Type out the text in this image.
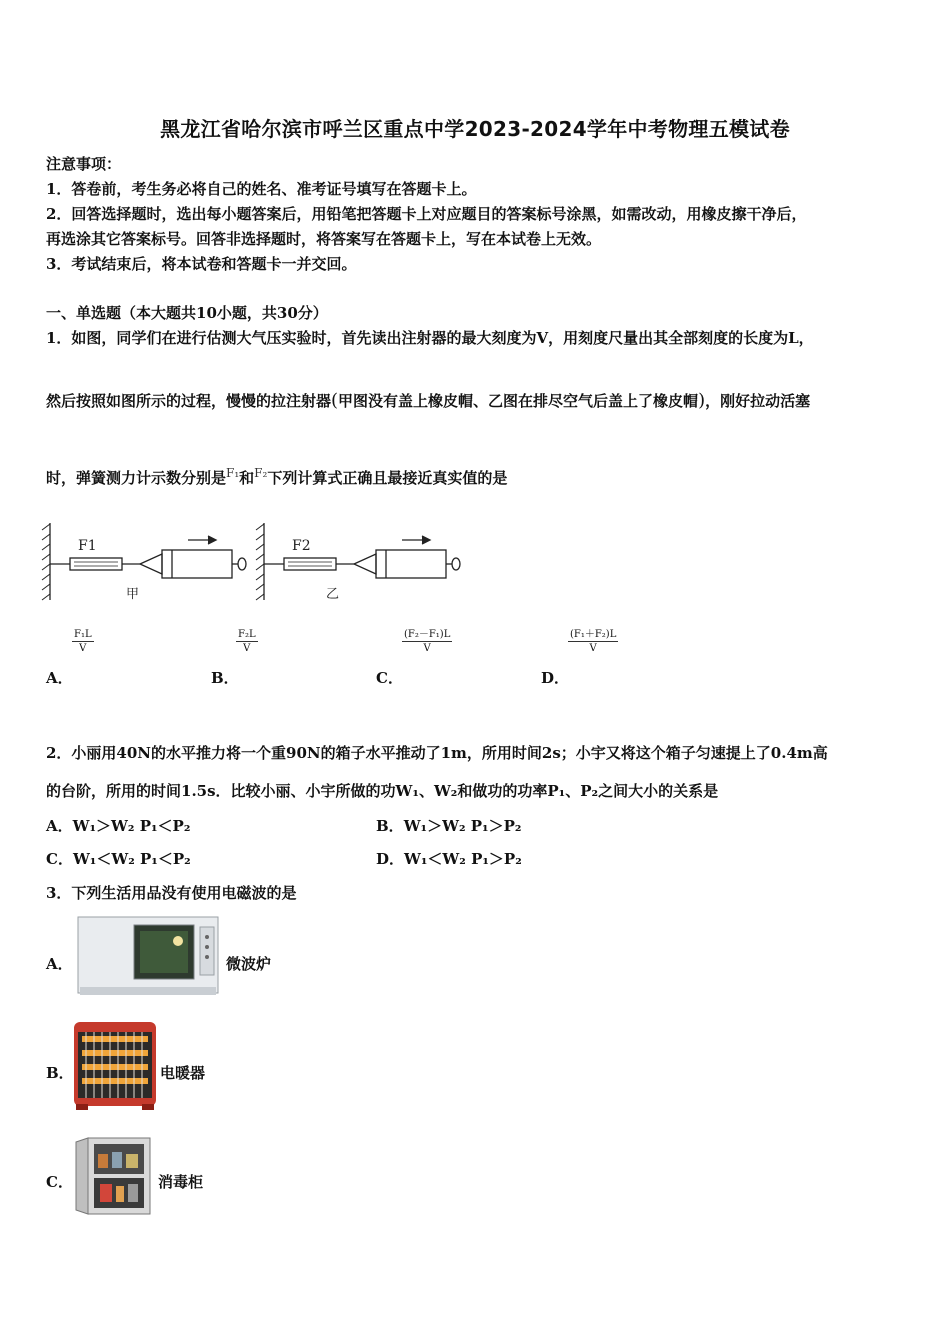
黑龙江省哈尔滨市呼兰区重点中学2023-2024学年中考物理五模试卷
注意事项：
1．答卷前，考生务必将自己的姓名、准考证号填写在答题卡上。
2．回答选择题时，选出每小题答案后，用铅笔把答题卡上对应题目的答案标号涂黑，如需改动，用橡皮擦干净后，
再选涂其它答案标号。回答非选择题时，将答案写在答题卡上，写在本试卷上无效。
3．考试结束后，将本试卷和答题卡一并交回。
一、单选题（本大题共10小题，共30分）
1．如图，同学们在进行估测大气压实验时，首先读出注射器的最大刻度为V，用刻度尺量出其全部刻度的长度为L，
然后按照如图所示的过程，慢慢的拉注射器(甲图没有盖上橡皮帽、乙图在排尽空气后盖上了橡皮帽)，刚好拉动活塞
时，弹簧测力计示数分别是$^{F_1}$和$^{F_2}$下列计算式正确且最接近真实值的是
F1
甲
F2
乙
$\frac{\text{F₁L}}{V}$
A．
$\frac{\text{F₂L}}{V}$
B．
$\frac{\text{(F₂－F₁)L}}{V}$
C．
$\frac{\text{(F₁＋F₂)L}}{V}$
D．
2．小丽用40N的水平推力将一个重90N的箱子水平推动了1m，所用时间2s；小宇又将这个箱子匀速提上了0.4m高
的台阶，所用的时间1.5s．比较小丽、小宇所做的功W₁、W₂和做功的功率P₁、P₂之间大小的关系是
A．W₁＞W₂ P₁＜P₂	B．W₁＞W₂ P₁＞P₂
C．W₁＜W₂ P₁＜P₂	D．W₁＜W₂ P₁＞P₂
3．下列生活用品没有使用电磁波的是
A．	微波炉
B．	电暖器
C．	消毒柜
